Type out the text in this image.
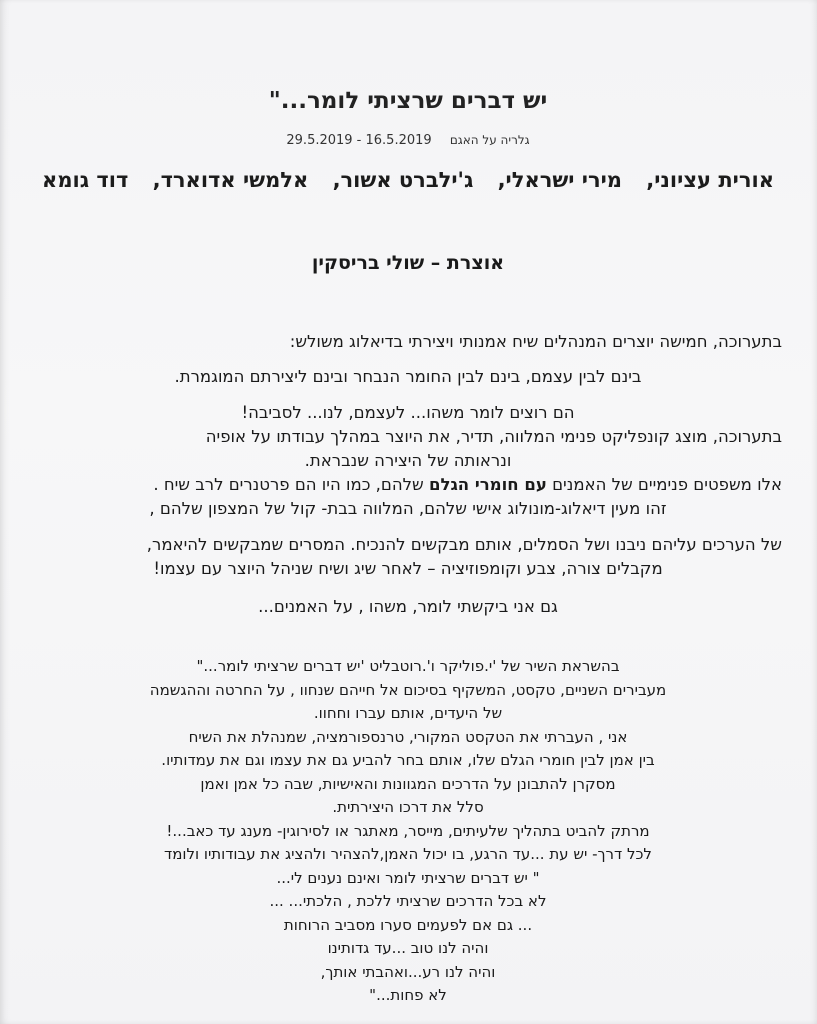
יש דברים שרציתי לומר..."
גלריה על האגם 29.5.2019 - 16.5.2019
אורית עציוני,
מירי ישראלי,
ג'ילברט אשור,
אלמשי אדוארד,
דוד גומא
אוצרת – שולי בריסקין

בתערוכה, חמישה יוצרים המנהלים שיח אמנותי ויצירתי בדיאלוג משולש:

בינם לבין עצמם, בינם לבין החומר הנבחר ובינם ליצירתם המוגמרת.

הם רוצים לומר משהו... לעצמם, לנו... לסביבה!

בתערוכה, מוצג קונפליקט פנימי המלווה, תדיר, את היוצר במהלך עבודתו על אופיה

ונראותה של היצירה שנבראת.

אלו משפטים פנימיים של האמנים עם חומרי הגלם שלהם, כמו היו הם פרטנרים לרב שיח .

זהו מעין דיאלוג-מונולוג אישי שלהם, המלווה בבת- קול של המצפון שלהם ,

של הערכים עליהם ניבנו ושל הסמלים, אותם מבקשים להנכיח. המסרים שמבקשים להיאמר,

מקבלים צורה, צבע וקומפוזיציה – לאחר שיג ושיח שניהל היוצר עם עצמו!

גם אני ביקשתי לומר, משהו , על האמנים...

בהשראת השיר של 'י.פוליקר ו'.רוטבליט 'יש דברים שרציתי לומר..."

מעבירים השניים, טקסט, המשקיף בסיכום אל חייהם שנחוו , על החרטה וההגשמה

של היעדים, אותם עברו וחחוו.

אני , העברתי את הטקסט המקורי, טרנספורמציה, שמנהלת את השיח

בין אמן לבין חומרי הגלם שלו, אותם בחר להביע גם את עצמו וגם את עמדותיו.

מסקרן להתבונן על הדרכים המגוונות והאישיות, שבה כל אמן ואמן

סלל את דרכו היצירתית.

מרתק להביט בתהליך שלעיתים, מייסר, מאתגר או לסירוגין- מענג עד כאב...!

לכל דרך- יש עת ...עד הרגע, בו יכול האמן,להצהיר ולהציג את עבודותיו ולומד

" יש דברים שרציתי לומר ואינם נענים לי...

לא בכל הדרכים שרציתי ללכת , הלכתי... ...

... גם אם לפעמים סערו מסביב הרוחות

והיה לנו טוב ...עד גדותינו

והיה לנו רע...ואהבתי אותך,

לא פחות..."
